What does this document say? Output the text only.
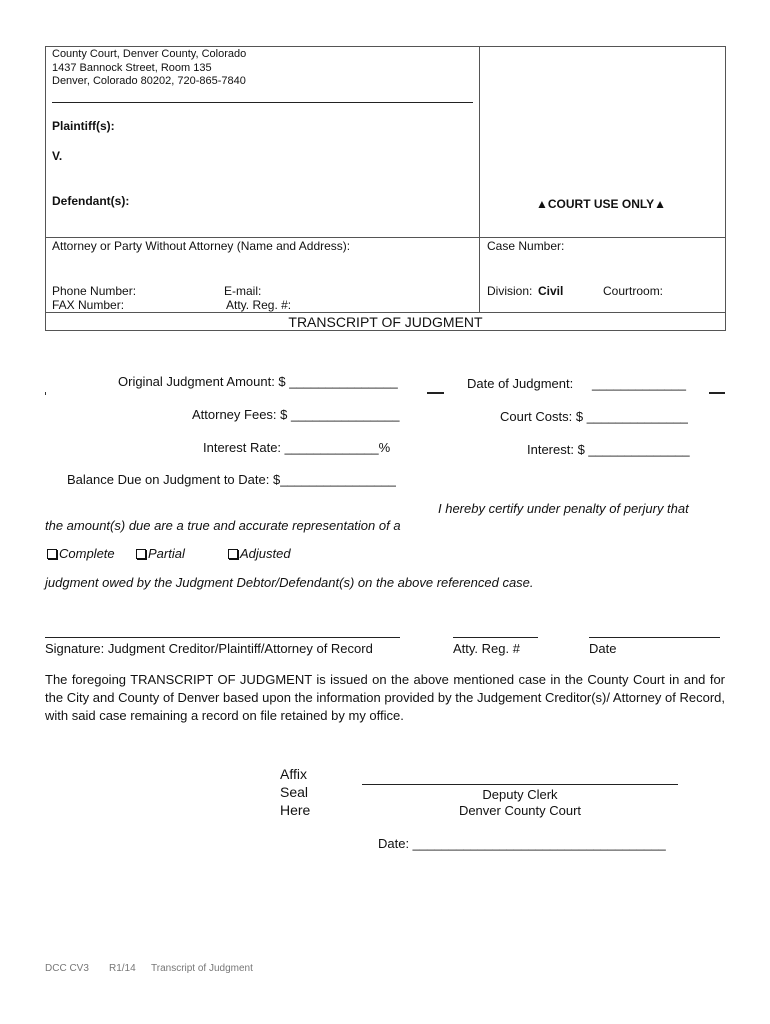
County Court, Denver County, Colorado
1437 Bannock Street, Room 135
Denver, Colorado 80202, 720-865-7840
Plaintiff(s):
V.
Defendant(s):	▲COURT USE ONLY▲
Attorney or Party Without Attorney (Name and Address):	Case Number:
Phone Number:	E-mail:
FAX Number:	Atty. Reg. #:
Division: Civil	Courtroom:
TRANSCRIPT OF JUDGMENT
Original Judgment Amount: $ _______________	Date of Judgment: _____________
Attorney Fees: $ _______________	Court Costs: $ ______________
Interest Rate: _____________%	Interest: $ ______________
Balance Due on Judgment to Date: $________________
I hereby certify under penalty of perjury that
the amount(s) due are a true and accurate representation of a
Complete	Partial	Adjusted
judgment owed by the Judgment Debtor/Defendant(s) on the above referenced case.
Signature: Judgment Creditor/Plaintiff/Attorney of Record	Atty. Reg. #	Date
The foregoing TRANSCRIPT OF JUDGMENT is issued on the above mentioned case in the County Court in and for the City and County of Denver based upon the information provided by the Judgement Creditor(s)/ Attorney of Record, with said case remaining a record on file retained by my office.
Affix
Seal
Here
Deputy Clerk
Denver County Court
Date: ___________________________________
DCC CV3 R1/14 Transcript of Judgment
